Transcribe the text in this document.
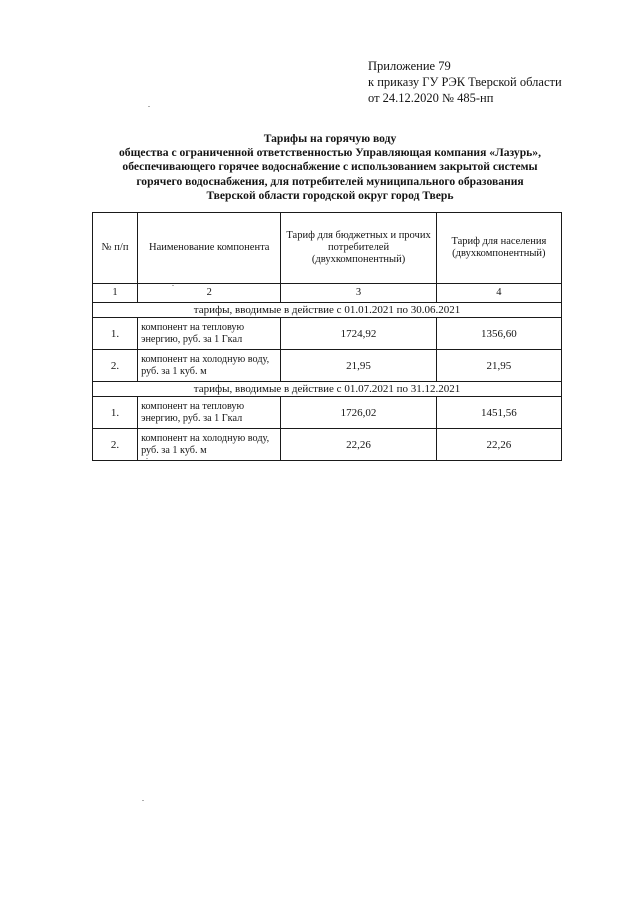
Приложение 79
к приказу ГУ РЭК Тверской области
от 24.12.2020 № 485-нп
Тарифы на горячую воду
общества с ограниченной ответственностью Управляющая компания «Лазурь»,
обеспечивающего горячее водоснабжение с использованием закрытой системы
горячего водоснабжения, для потребителей муниципального образования
Тверской области городской округ город Тверь
№ п/п	Наименование компонента	Тариф для бюджетных и прочих потребителей (двухкомпонентный)	Тариф для населения (двухкомпонентный)
1	2	3	4
тарифы, вводимые в действие с 01.01.2021 по 30.06.2021			
1.	компонент на тепловую энергию, руб. за 1 Гкал	1724,92	1356,60
2.	компонент на холодную воду, руб. за 1 куб. м	21,95	21,95
тарифы, вводимые в действие с 01.07.2021 по 31.12.2021			
1.	компонент на тепловую энергию, руб. за 1 Гкал	1726,02	1451,56
2.	компонент на холодную воду, руб. за 1 куб. м	22,26	22,26
